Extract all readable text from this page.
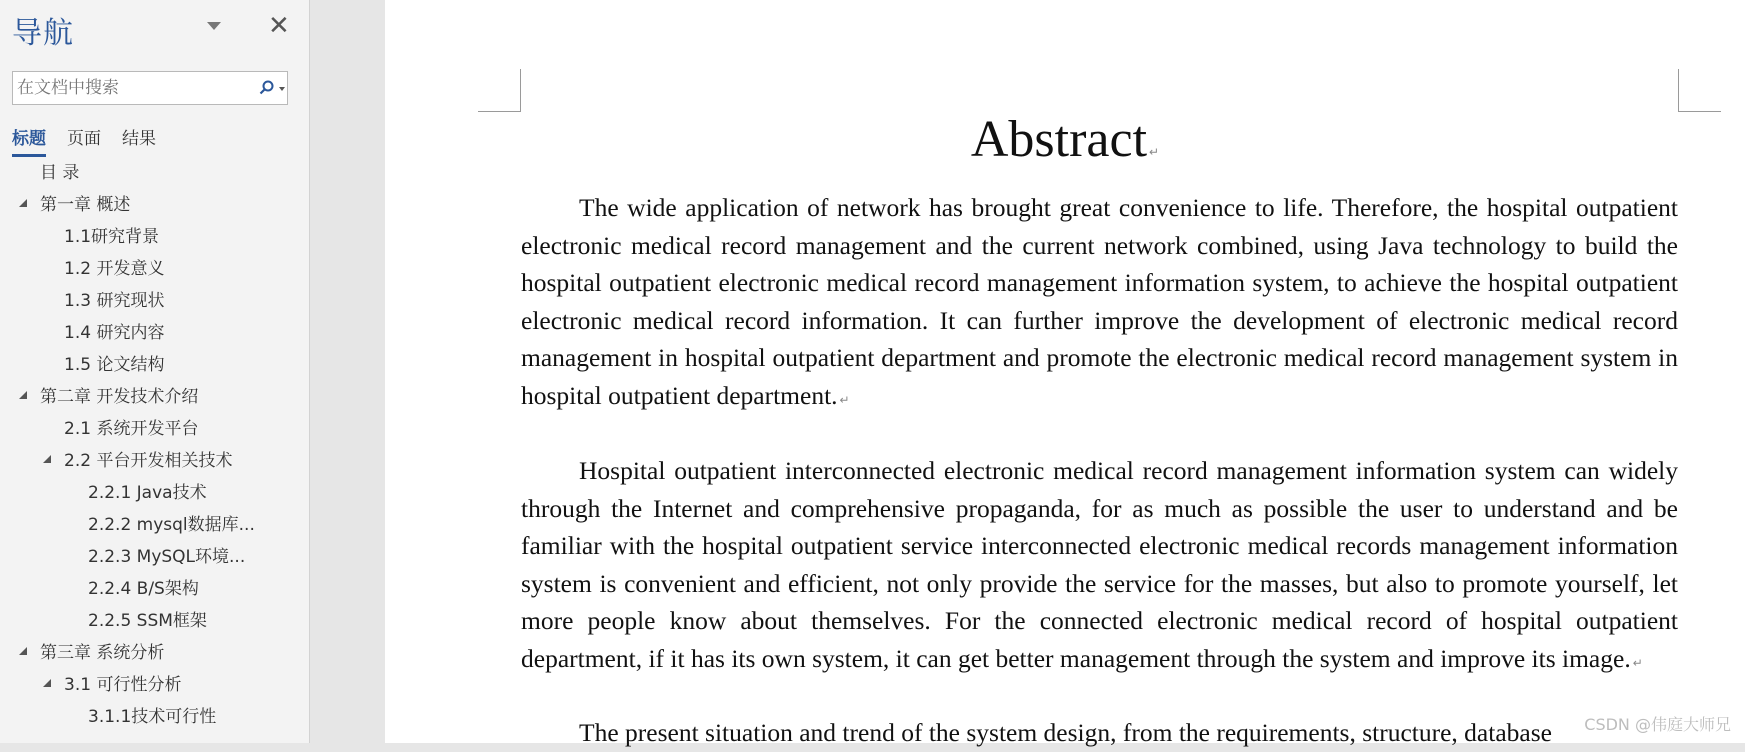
导航	✕
在文档中搜索
标题 页面 结果
目 录
第一章 概述
1.1研究背景
1.2 开发意义
1.3 研究现状
1.4 研究内容
1.5 论文结构
第二章 开发技术介绍
2.1 系统开发平台
2.2 平台开发相关技术
2.2.1 Java技术
2.2.2 mysql数据库...
2.2.3 MySQL环境...
2.2.4 B/S架构
2.2.5 SSM框架
第三章 系统分析
3.1 可行性分析
3.1.1技术可行性
Abstract ↵

The wide application of network has brought great convenience to life. Therefore, the hospital outpatient electronic medical record management and the current network combined, using Java technology to build the hospital outpatient electronic medical record management information system, to achieve the hospital outpatient electronic medical record information. It can further improve the development of electronic medical record management in hospital outpatient department and promote the electronic medical record management system in hospital outpatient department. ↵

Hospital outpatient interconnected electronic medical record management information system can widely through the Internet and comprehensive propaganda, for as much as possible the user to understand and be familiar with the hospital outpatient service interconnected electronic medical records management information system is convenient and efficient, not only provide the service for the masses, but also to promote yourself, let more people know about themselves. For the connected electronic medical record of hospital outpatient department, if it has its own system, it can get better management through the system and improve its image. ↵

The present situation and trend of the system design, from the requirements, structure, database	CSDN @伟庭大师兄
